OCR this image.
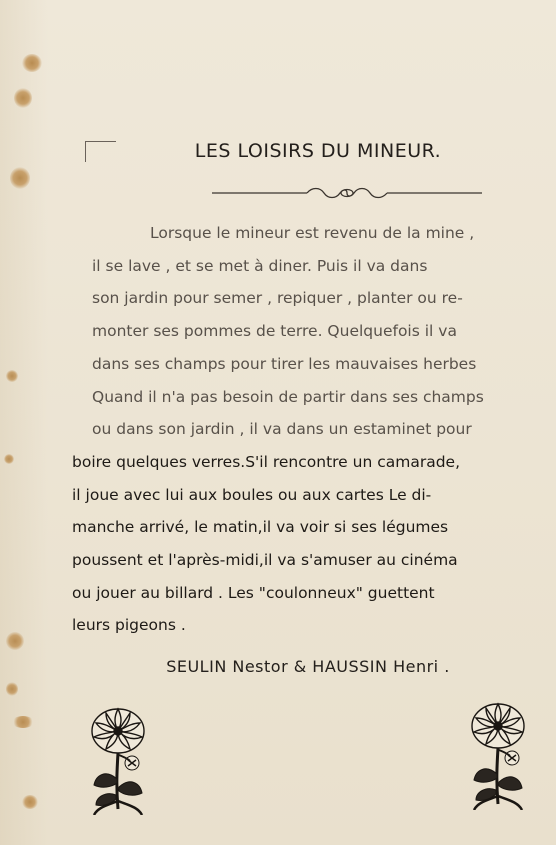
LES LOISIRS DU MINEUR.
Lorsque le mineur est revenu de la mine ,
il se lave , et se met à diner. Puis il va dans
son jardin pour semer , repiquer , planter ou re-
monter ses pommes de terre. Quelquefois il va
dans ses champs pour tirer les mauvaises herbes
Quand il n'a pas besoin de partir dans ses champs
ou dans son jardin , il va dans un estaminet pour
boire quelques verres.S'il rencontre un camarade,
il joue avec lui aux boules ou aux cartes Le di-
manche arrivé, le matin,il va voir si ses légumes
poussent et l'après-midi,il va s'amuser au cinéma
ou jouer au billard . Les "coulonneux" guettent
leurs pigeons .
SEULIN Nestor & HAUSSIN Henri .
